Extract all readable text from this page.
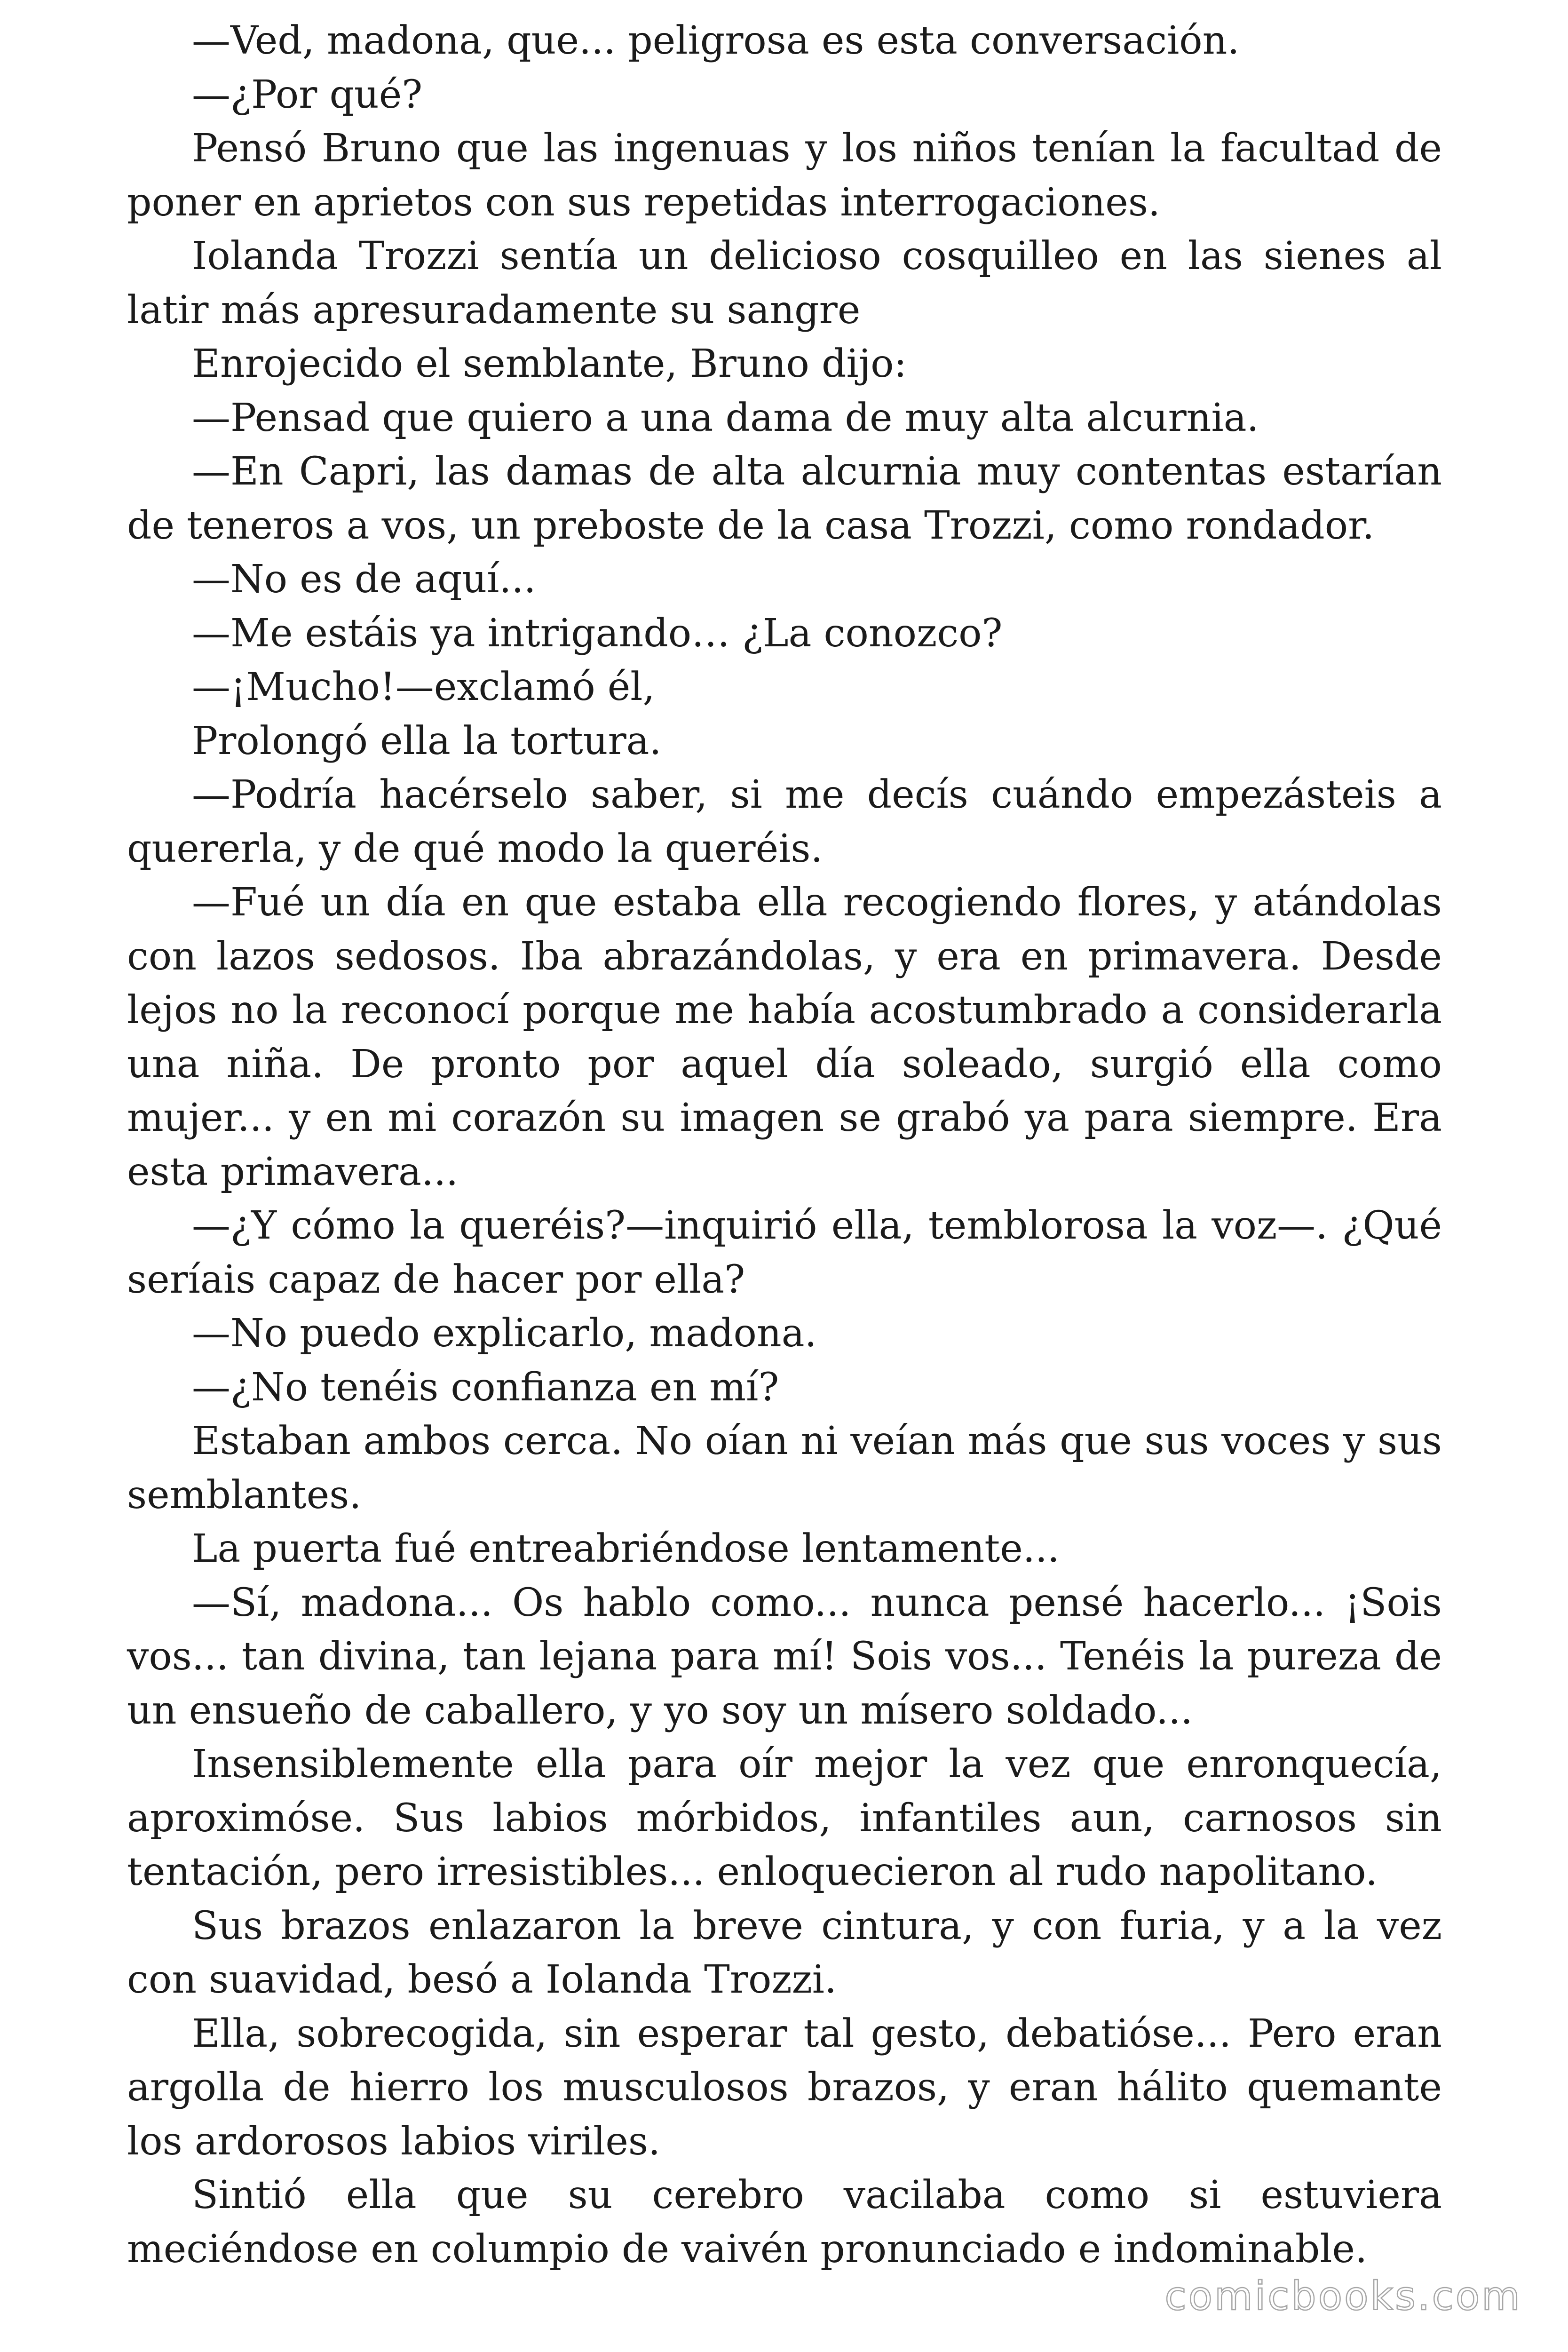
—Ved, madona, que... peligrosa es esta conversación.

—¿Por qué?

Pensó Bruno que las ingenuas y los niños tenían la facultad de poner en aprietos con sus repetidas interrogaciones.

Iolanda Trozzi sentía un delicioso cosquilleo en las sienes al latir más apresuradamente su sangre

Enrojecido el semblante, Bruno dijo:

—Pensad que quiero a una dama de muy alta alcurnia.

—En Capri, las damas de alta alcurnia muy contentas estarían de teneros a vos, un preboste de la casa Trozzi, como rondador.

—No es de aquí...

—Me estáis ya intrigando… ¿La conozco?

—¡Mucho!—exclamó él,

Prolongó ella la tortura.

—Podría hacérselo saber, si me decís cuándo empezásteis a quererla, y de qué modo la queréis.

—Fué un día en que estaba ella recogiendo flores, y atándolas con lazos sedosos. Iba abrazándolas, y era en primavera. Desde lejos no la reconocí porque me había acostumbrado a considerarla una niña. De pronto por aquel día soleado, surgió ella como mujer... y en mi corazón su imagen se grabó ya para siempre. Era esta primavera...

—¿Y cómo la queréis?—inquirió ella, temblorosa la voz—. ¿Qué seríais capaz de hacer por ella?

—No puedo explicarlo, madona.

—¿No tenéis confianza en mí?

Estaban ambos cerca. No oían ni veían más que sus voces y sus semblantes.

La puerta fué entreabriéndose lentamente...

—Sí, madona... Os hablo como... nunca pensé hacerlo... ¡Sois vos... tan divina, tan lejana para mí! Sois vos... Tenéis la pureza de un ensueño de caballero, y yo soy un mísero soldado...

Insensiblemente ella para oír mejor la vez que enronquecía, aproximóse. Sus labios mórbidos, infantiles aun, carnosos sin tentación, pero irresistibles... enloquecieron al rudo napolitano.

Sus brazos enlazaron la breve cintura, y con furia, y a la vez con suavidad, besó a Iolanda Trozzi.

Ella, sobrecogida, sin esperar tal gesto, debatióse... Pero eran argolla de hierro los musculosos brazos, y eran hálito quemante los ardorosos labios viriles.

Sintió ella que su cerebro vacilaba como si estuviera meciéndose en columpio de vaivén pronunciado e indominable.

comicbooks.com
